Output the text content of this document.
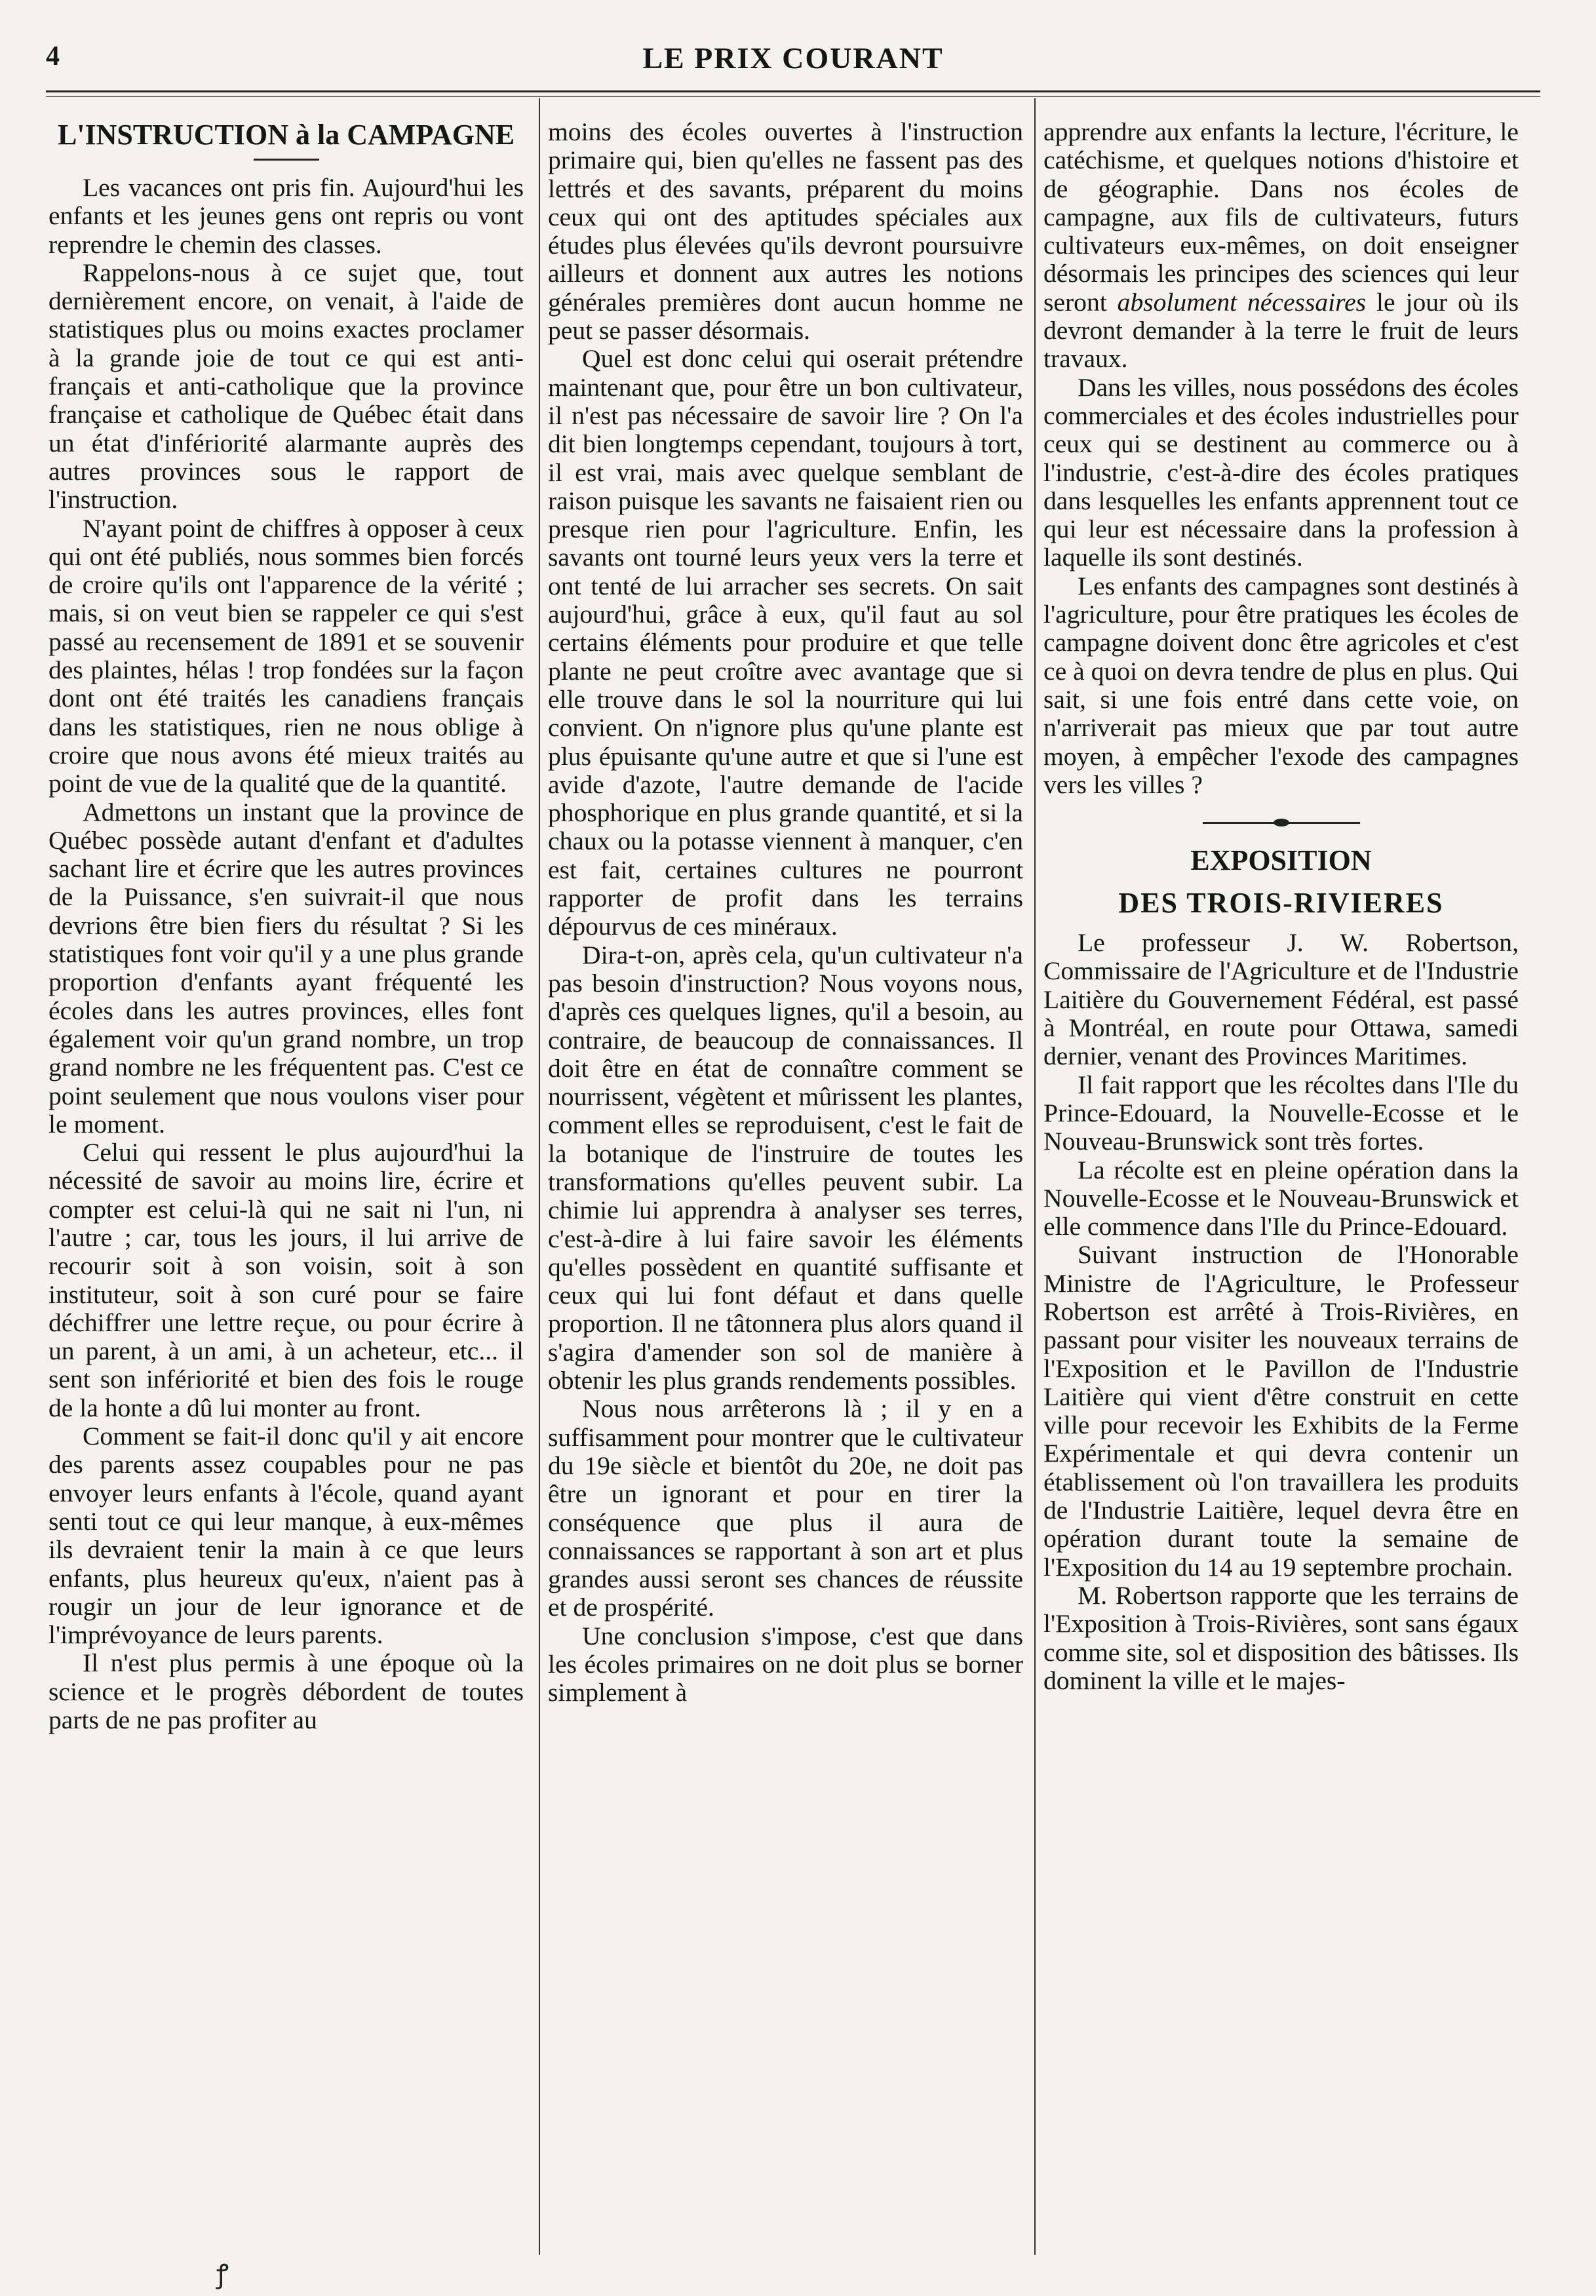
4	LE PRIX COURANT
L'INSTRUCTION à la CAMPAGNE

Les vacances ont pris fin. Aujourd'hui les enfants et les jeunes gens ont repris ou vont reprendre le chemin des classes.

Rappelons-nous à ce sujet que, tout dernièrement encore, on venait, à l'aide de statistiques plus ou moins exactes proclamer à la grande joie de tout ce qui est anti-français et anti-catholique que la province française et catholique de Québec était dans un état d'infériorité alarmante auprès des autres provinces sous le rapport de l'instruction.

N'ayant point de chiffres à opposer à ceux qui ont été publiés, nous sommes bien forcés de croire qu'ils ont l'apparence de la vérité ; mais, si on veut bien se rappeler ce qui s'est passé au recensement de 1891 et se souvenir des plaintes, hélas ! trop fondées sur la façon dont ont été traités les canadiens français dans les statistiques, rien ne nous oblige à croire que nous avons été mieux traités au point de vue de la qualité que de la quantité.

Admettons un instant que la province de Québec possède autant d'enfant et d'adultes sachant lire et écrire que les autres provinces de la Puissance, s'en suivrait-il que nous devrions être bien fiers du résultat ? Si les statistiques font voir qu'il y a une plus grande proportion d'enfants ayant fréquenté les écoles dans les autres provinces, elles font également voir qu'un grand nombre, un trop grand nombre ne les fréquentent pas. C'est ce point seulement que nous voulons viser pour le moment.

Celui qui ressent le plus aujourd'hui la nécessité de savoir au moins lire, écrire et compter est celui-là qui ne sait ni l'un, ni l'autre ; car, tous les jours, il lui arrive de recourir soit à son voisin, soit à son instituteur, soit à son curé pour se faire déchiffrer une lettre reçue, ou pour écrire à un parent, à un ami, à un acheteur, etc... il sent son infériorité et bien des fois le rouge de la honte a dû lui monter au front.

Comment se fait-il donc qu'il y ait encore des parents assez coupables pour ne pas envoyer leurs enfants à l'école, quand ayant senti tout ce qui leur manque, à eux-mêmes ils devraient tenir la main à ce que leurs enfants, plus heureux qu'eux, n'aient pas à rougir un jour de leur ignorance et de l'imprévoyance de leurs parents.

Il n'est plus permis à une époque où la science et le progrès débordent de toutes parts de ne pas profiter au

moins des écoles ouvertes à l'instruction primaire qui, bien qu'elles ne fassent pas des lettrés et des savants, préparent du moins ceux qui ont des aptitudes spéciales aux études plus élevées qu'ils devront poursuivre ailleurs et donnent aux autres les notions générales premières dont aucun homme ne peut se passer désormais.

Quel est donc celui qui oserait prétendre maintenant que, pour être un bon cultivateur, il n'est pas nécessaire de savoir lire ? On l'a dit bien longtemps cependant, toujours à tort, il est vrai, mais avec quelque semblant de raison puisque les savants ne faisaient rien ou presque rien pour l'agriculture. Enfin, les savants ont tourné leurs yeux vers la terre et ont tenté de lui arracher ses secrets. On sait aujourd'hui, grâce à eux, qu'il faut au sol certains éléments pour produire et que telle plante ne peut croître avec avantage que si elle trouve dans le sol la nourriture qui lui convient. On n'ignore plus qu'une plante est plus épuisante qu'une autre et que si l'une est avide d'azote, l'autre demande de l'acide phosphorique en plus grande quantité, et si la chaux ou la potasse viennent à manquer, c'en est fait, certaines cultures ne pourront rapporter de profit dans les terrains dépourvus de ces minéraux.

Dira-t-on, après cela, qu'un cultivateur n'a pas besoin d'instruction? Nous voyons nous, d'après ces quelques lignes, qu'il a besoin, au contraire, de beaucoup de connaissances. Il doit être en état de connaître comment se nourrissent, végètent et mûrissent les plantes, comment elles se reproduisent, c'est le fait de la botanique de l'instruire de toutes les transformations qu'elles peuvent subir. La chimie lui apprendra à analyser ses terres, c'est-à-dire à lui faire savoir les éléments qu'elles possèdent en quantité suffisante et ceux qui lui font défaut et dans quelle proportion. Il ne tâtonnera plus alors quand il s'agira d'amender son sol de manière à obtenir les plus grands rendements possibles.

Nous nous arrêterons là ; il y en a suffisamment pour montrer que le cultivateur du 19e siècle et bientôt du 20e, ne doit pas être un ignorant et pour en tirer la conséquence que plus il aura de connaissances se rapportant à son art et plus grandes aussi seront ses chances de réussite et de prospérité.

Une conclusion s'impose, c'est que dans les écoles primaires on ne doit plus se borner simplement à

apprendre aux enfants la lecture, l'écriture, le catéchisme, et quelques notions d'histoire et de géographie. Dans nos écoles de campagne, aux fils de cultivateurs, futurs cultivateurs eux-mêmes, on doit enseigner désormais les principes des sciences qui leur seront absolument nécessaires le jour où ils devront demander à la terre le fruit de leurs travaux.

Dans les villes, nous possédons des écoles commerciales et des écoles industrielles pour ceux qui se destinent au commerce ou à l'industrie, c'est-à-dire des écoles pratiques dans lesquelles les enfants apprennent tout ce qui leur est nécessaire dans la profession à laquelle ils sont destinés.

Les enfants des campagnes sont destinés à l'agriculture, pour être pratiques les écoles de campagne doivent donc être agricoles et c'est ce à quoi on devra tendre de plus en plus. Qui sait, si une fois entré dans cette voie, on n'arriverait pas mieux que par tout autre moyen, à empêcher l'exode des campagnes vers les villes ?

EXPOSITION
DES TROIS-RIVIERES

Le professeur J. W. Robertson, Commissaire de l'Agriculture et de l'Industrie Laitière du Gouvernement Fédéral, est passé à Montréal, en route pour Ottawa, samedi dernier, venant des Provinces Maritimes.

Il fait rapport que les récoltes dans l'Ile du Prince-Edouard, la Nouvelle-Ecosse et le Nouveau-Brunswick sont très fortes.

La récolte est en pleine opération dans la Nouvelle-Ecosse et le Nouveau-Brunswick et elle commence dans l'Ile du Prince-Edouard.

Suivant instruction de l'Honorable Ministre de l'Agriculture, le Professeur Robertson est arrêté à Trois-Rivières, en passant pour visiter les nouveaux terrains de l'Exposition et le Pavillon de l'Industrie Laitière qui vient d'être construit en cette ville pour recevoir les Exhibits de la Ferme Expérimentale et qui devra contenir un établissement où l'on travaillera les produits de l'Industrie Laitière, lequel devra être en opération durant toute la semaine de l'Exposition du 14 au 19 septembre prochain.

M. Robertson rapporte que les terrains de l'Exposition à Trois-Rivières, sont sans égaux comme site, sol et disposition des bâtisses. Ils dominent la ville et le majes-

ꝭ
